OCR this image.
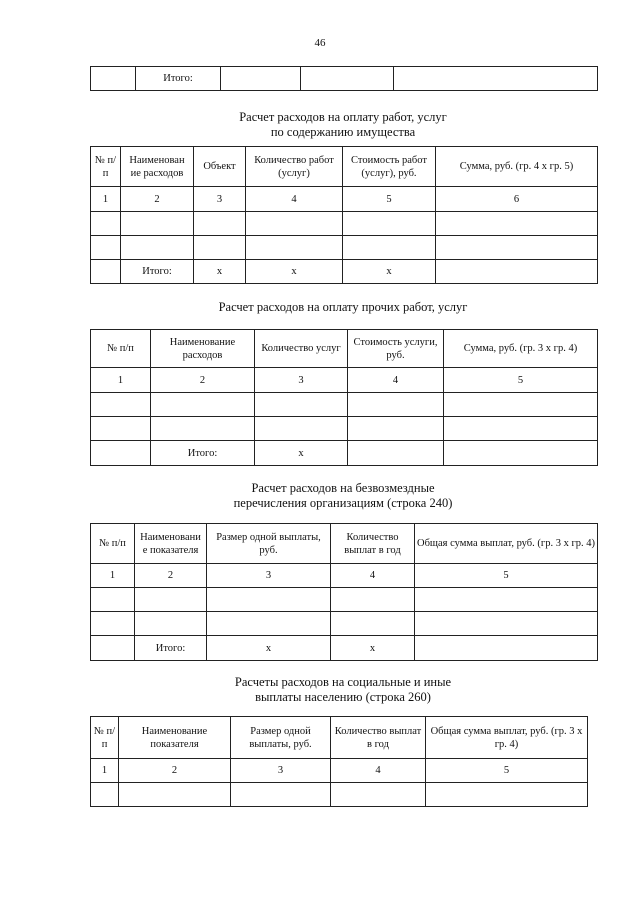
46
	Итого:			
Расчет расходов на оплату работ, услуг
по содержанию имущества
№ п/п	Наименован ие расходов	Объект	Количество работ (услуг)	Стоимость работ (услуг), руб.	Сумма, руб. (гр. 4 х гр. 5)
1	2	3	4	5	6

	Итого:	х	х	х	
Расчет расходов на оплату прочих работ, услуг
№ п/п	Наименование расходов	Количество услуг	Стоимость услуги, руб.	Сумма, руб. (гр. 3 х гр. 4)
1	2	3	4	5

	Итого:	х		
Расчет расходов на безвозмездные
перечисления организациям (строка 240)
№ п/п	Наименовани е показателя	Размер одной выплаты, руб.	Количество выплат в год	Общая сумма выплат, руб. (гр. 3 х гр. 4)
1	2	3	4	5

	Итого:	х	х	
Расчеты расходов на социальные и иные
выплаты населению (строка 260)
№ п/п	Наименование показателя	Размер одной выплаты, руб.	Количество выплат в год	Общая сумма выплат, руб. (гр. 3 х гр. 4)
1	2	3	4	5
